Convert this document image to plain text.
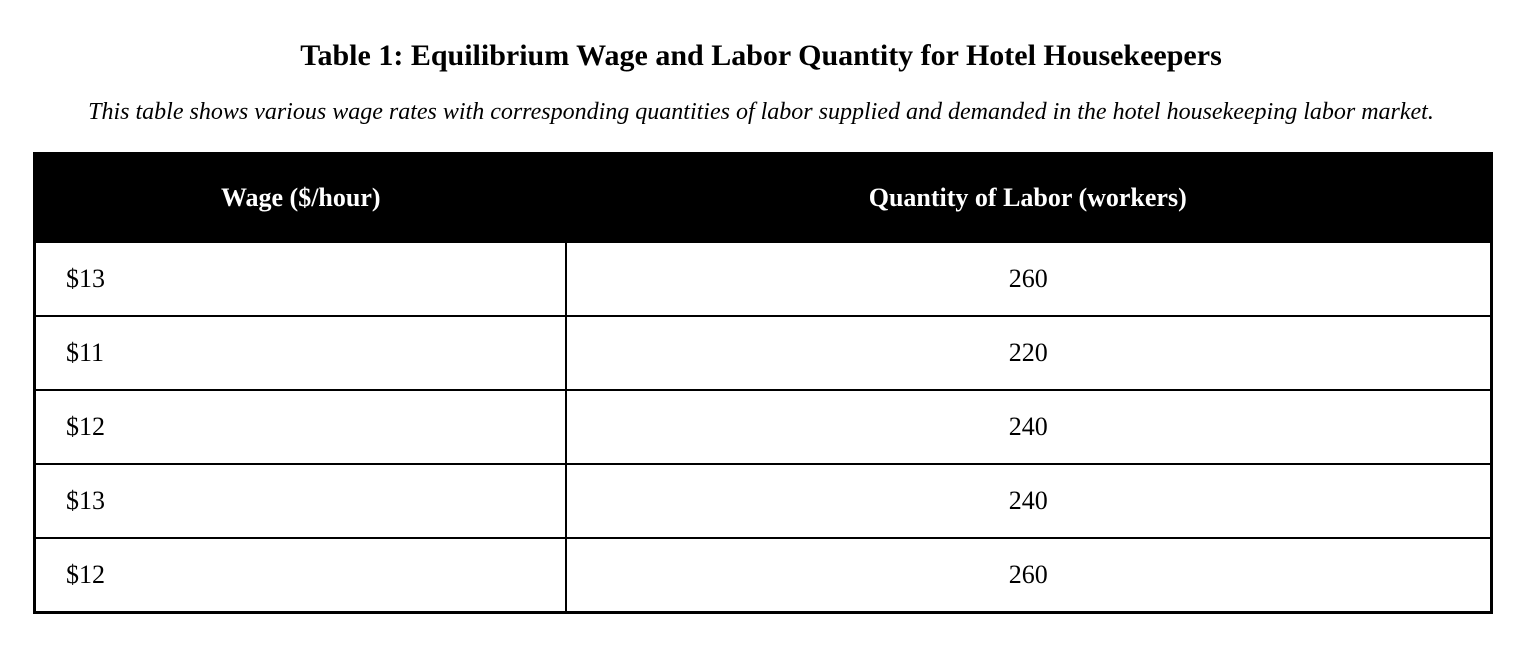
Table 1: Equilibrium Wage and Labor Quantity for Hotel Housekeepers
This table shows various wage rates with corresponding quantities of labor supplied and demanded in the hotel housekeeping labor market.
Wage ($/hour)	Quantity of Labor (workers)
$13	260
$11	220
$12	240
$13	240
$12	260
